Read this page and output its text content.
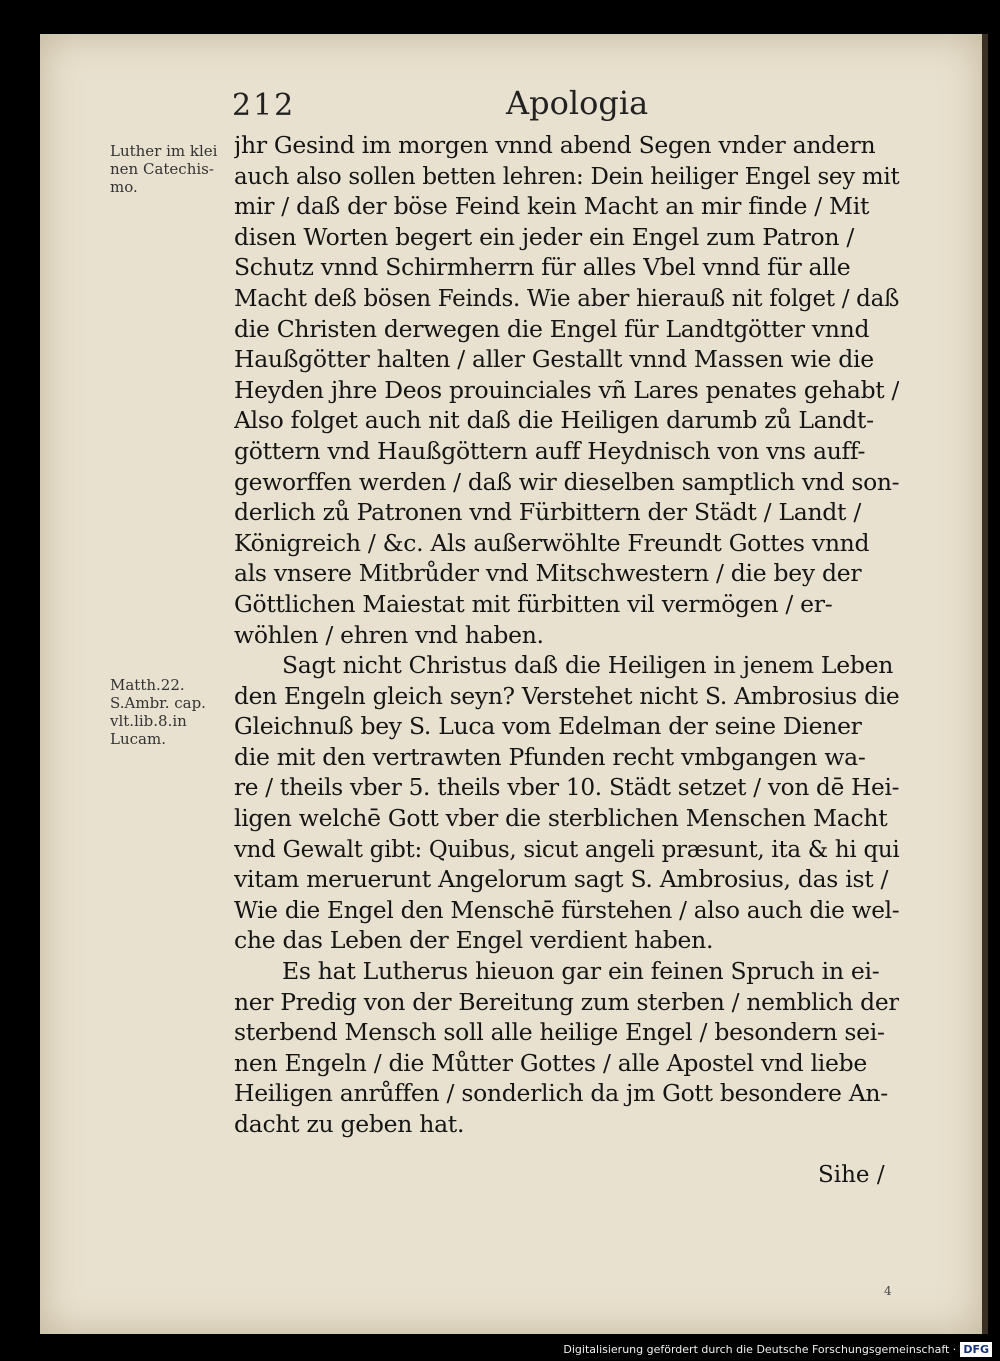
212	Apologia
Luther im klei
nen Catechis-
mo.
Matth.22.
S.Ambr. cap.
vlt.lib.8.in
Lucam.
jhr Gesind im morgen vnnd abend Segen vnder andern
auch also sollen betten lehren: Dein heiliger Engel sey mit
mir / daß der böse Feind kein Macht an mir finde / Mit
disen Worten begert ein jeder ein Engel zum Patron /
Schutz vnnd Schirmherrn für alles Vbel vnnd für alle
Macht deß bösen Feinds. Wie aber hierauß nit folget / daß
die Christen derwegen die Engel für Landtgötter vnnd
Haußgötter halten / aller Gestallt vnnd Massen wie die
Heyden jhre Deos prouinciales vñ Lares penates gehabt /
Also folget auch nit daß die Heiligen darumb zů Landt-
göttern vnd Haußgöttern auff Heydnisch von vns auff-
geworffen werden / daß wir dieselben samptlich vnd son-
derlich zů Patronen vnd Fürbittern der Städt / Landt /
Königreich / &c. Als außerwöhlte Freundt Gottes vnnd
als vnsere Mitbrůder vnd Mitschwestern / die bey der
Göttlichen Maiestat mit fürbitten vil vermögen / er-
wöhlen / ehren vnd haben.
Sagt nicht Christus daß die Heiligen in jenem Leben
den Engeln gleich seyn? Verstehet nicht S. Ambrosius die
Gleichnuß bey S. Luca vom Edelman der seine Diener
die mit den vertrawten Pfunden recht vmbgangen wa-
re / theils vber 5. theils vber 10. Städt setzet / von dē Hei-
ligen welchē Gott vber die sterblichen Menschen Macht
vnd Gewalt gibt: Quibus, sicut angeli præsunt, ita & hi qui
vitam meruerunt Angelorum sagt S. Ambrosius, das ist /
Wie die Engel den Menschē fürstehen / also auch die wel-
che das Leben der Engel verdient haben.
Es hat Lutherus hieuon gar ein feinen Spruch in ei-
ner Predig von der Bereitung zum sterben / nemblich der
sterbend Mensch soll alle heilige Engel / besondern sei-
nen Engeln / die Můtter Gottes / alle Apostel vnd liebe
Heiligen anrůffen / sonderlich da jm Gott besondere An-
dacht zu geben hat.
Sihe /
4
Digitalisierung gefördert durch die Deutsche Forschungsgemeinschaft · DFG
